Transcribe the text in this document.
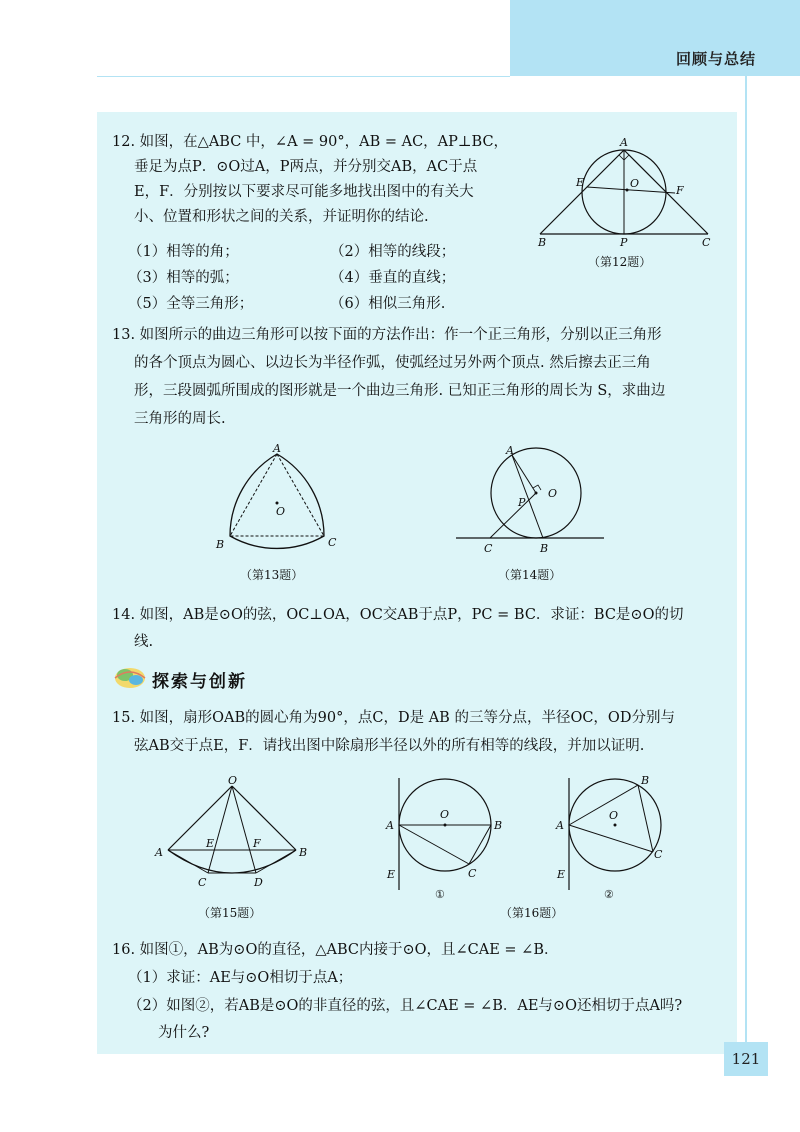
回顾与总结
12. 如图，在△ABC 中，∠A = 90°，AB = AC，AP⊥BC，
垂足为点P．⊙O过A，P两点，并分别交AB，AC于点
E，F．分别按以下要求尽可能多地找出图中的有关大
小、位置和形状之间的关系，并证明你的结论.
（1）相等的角；	（2）相等的线段；
（3）相等的弧；	（4）垂直的直线；
（5）全等三角形；	（6）相似三角形.
A
E	O
F
B	P	C
（第12题）
13. 如图所示的曲边三角形可以按下面的方法作出：作一个正三角形，分别以正三角形
的各个顶点为圆心、以边长为半径作弧，使弧经过另外两个顶点. 然后擦去正三角
形，三段圆弧所围成的图形就是一个曲边三角形. 已知正三角形的周长为 S，求曲边
三角形的周长.
A
O
B	C
（第13题）
A
O
P
C	B
（第14题）
14. 如图，AB是⊙O的弦，OC⊥OA，OC交AB于点P，PC = BC．求证：BC是⊙O的切
线.
探索与创新
15. 如图，扇形OAB的圆心角为90°，点C，D是 AB 的三等分点，半径OC，OD分别与
弦AB交于点E，F．请找出图中除扇形半径以外的所有相等的线段，并加以证明.
O
E	F
A	B
C	D
（第15题）
O
A	B
C
E
①
B
O
A
C
E
②
（第16题）
16. 如图①，AB为⊙O的直径，△ABC内接于⊙O，且∠CAE = ∠B．
（1）求证：AE与⊙O相切于点A；
（2）如图②，若AB是⊙O的非直径的弦，且∠CAE = ∠B．AE与⊙O还相切于点A吗?
为什么?
121
